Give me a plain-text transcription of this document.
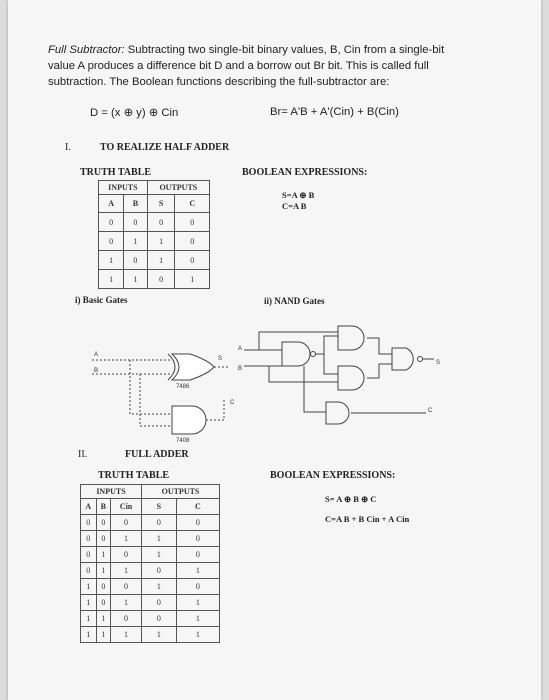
Full Subtractor: Subtracting two single-bit binary values, B, Cin from a single-bit value A produces a difference bit D and a borrow out Br bit. This is called full subtraction. The Boolean functions describing the full-subtractor are:
D = (x ⊕ y) ⊕ Cin	Br= A'B + A'(Cin) + B(Cin)
I.	TO REALIZE HALF ADDER
TRUTH TABLE
INPUTS		OUTPUTS	
A	B	S	C
0	0	0	0
0	1	1	0
1	0	1	0
1	1	0	1
BOOLEAN EXPRESSIONS:
S=A ⊕ B
C=A B
i) Basic Gates	ii) NAND Gates
A
B
S
C
7486
7408
A
B
S
C
II.	FULL ADDER
TRUTH TABLE
INPUTS			OUTPUTS	
A	B	Cin	S	C
0	0	0	0	0
0	0	1	1	0
0	1	0	1	0
0	1	1	0	1
1	0	0	1	0
1	0	1	0	1
1	1	0	0	1
1	1	1	1	1
BOOLEAN EXPRESSIONS:
S= A ⊕ B ⊕ C
C=A B + B Cin + A Cin
